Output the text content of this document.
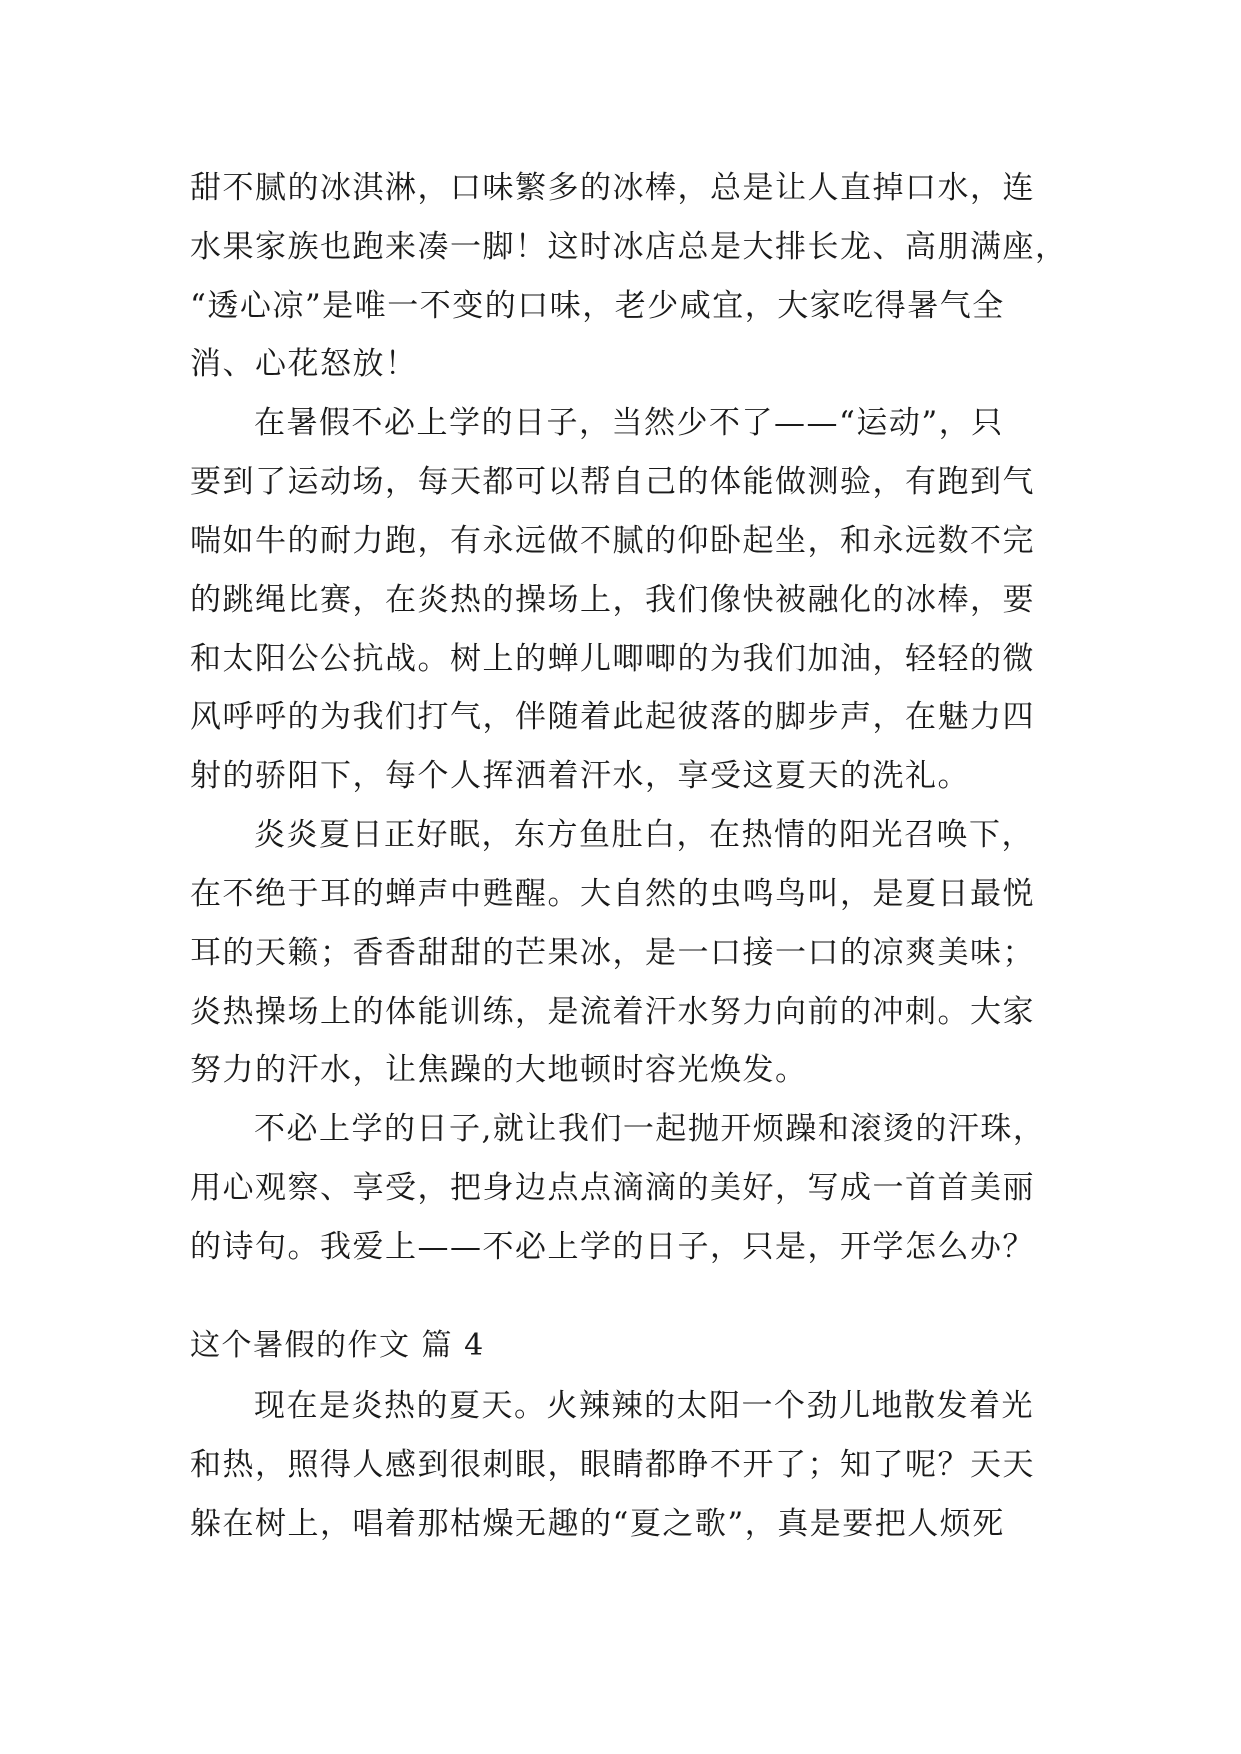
甜不腻的冰淇淋，口味繁多的冰棒，总是让人直掉口水，连
水果家族也跑来凑一脚！这时冰店总是大排长龙、高朋满座，
“透心凉”是唯一不变的口味，老少咸宜，大家吃得暑气全
消、心花怒放！
在暑假不必上学的日子，当然少不了——“运动”，只
要到了运动场，每天都可以帮自己的体能做测验，有跑到气
喘如牛的耐力跑，有永远做不腻的仰卧起坐，和永远数不完
的跳绳比赛，在炎热的操场上，我们像快被融化的冰棒，要
和太阳公公抗战。树上的蝉儿唧唧的为我们加油，轻轻的微
风呼呼的为我们打气，伴随着此起彼落的脚步声，在魅力四
射的骄阳下，每个人挥洒着汗水，享受这夏天的洗礼。
炎炎夏日正好眠，东方鱼肚白，在热情的阳光召唤下，
在不绝于耳的蝉声中甦醒。大自然的虫鸣鸟叫，是夏日最悦
耳的天籁；香香甜甜的芒果冰，是一口接一口的凉爽美味；
炎热操场上的体能训练，是流着汗水努力向前的冲刺。大家
努力的汗水，让焦躁的大地顿时容光焕发。
不必上学的日子,就让我们一起抛开烦躁和滚烫的汗珠，
用心观察、享受，把身边点点滴滴的美好，写成一首首美丽
的诗句。我爱上——不必上学的日子，只是，开学怎么办？
这个暑假的作文 篇 4
现在是炎热的夏天。火辣辣的太阳一个劲儿地散发着光
和热，照得人感到很刺眼，眼睛都睁不开了；知了呢？天天
躲在树上，唱着那枯燥无趣的“夏之歌”，真是要把人烦死
